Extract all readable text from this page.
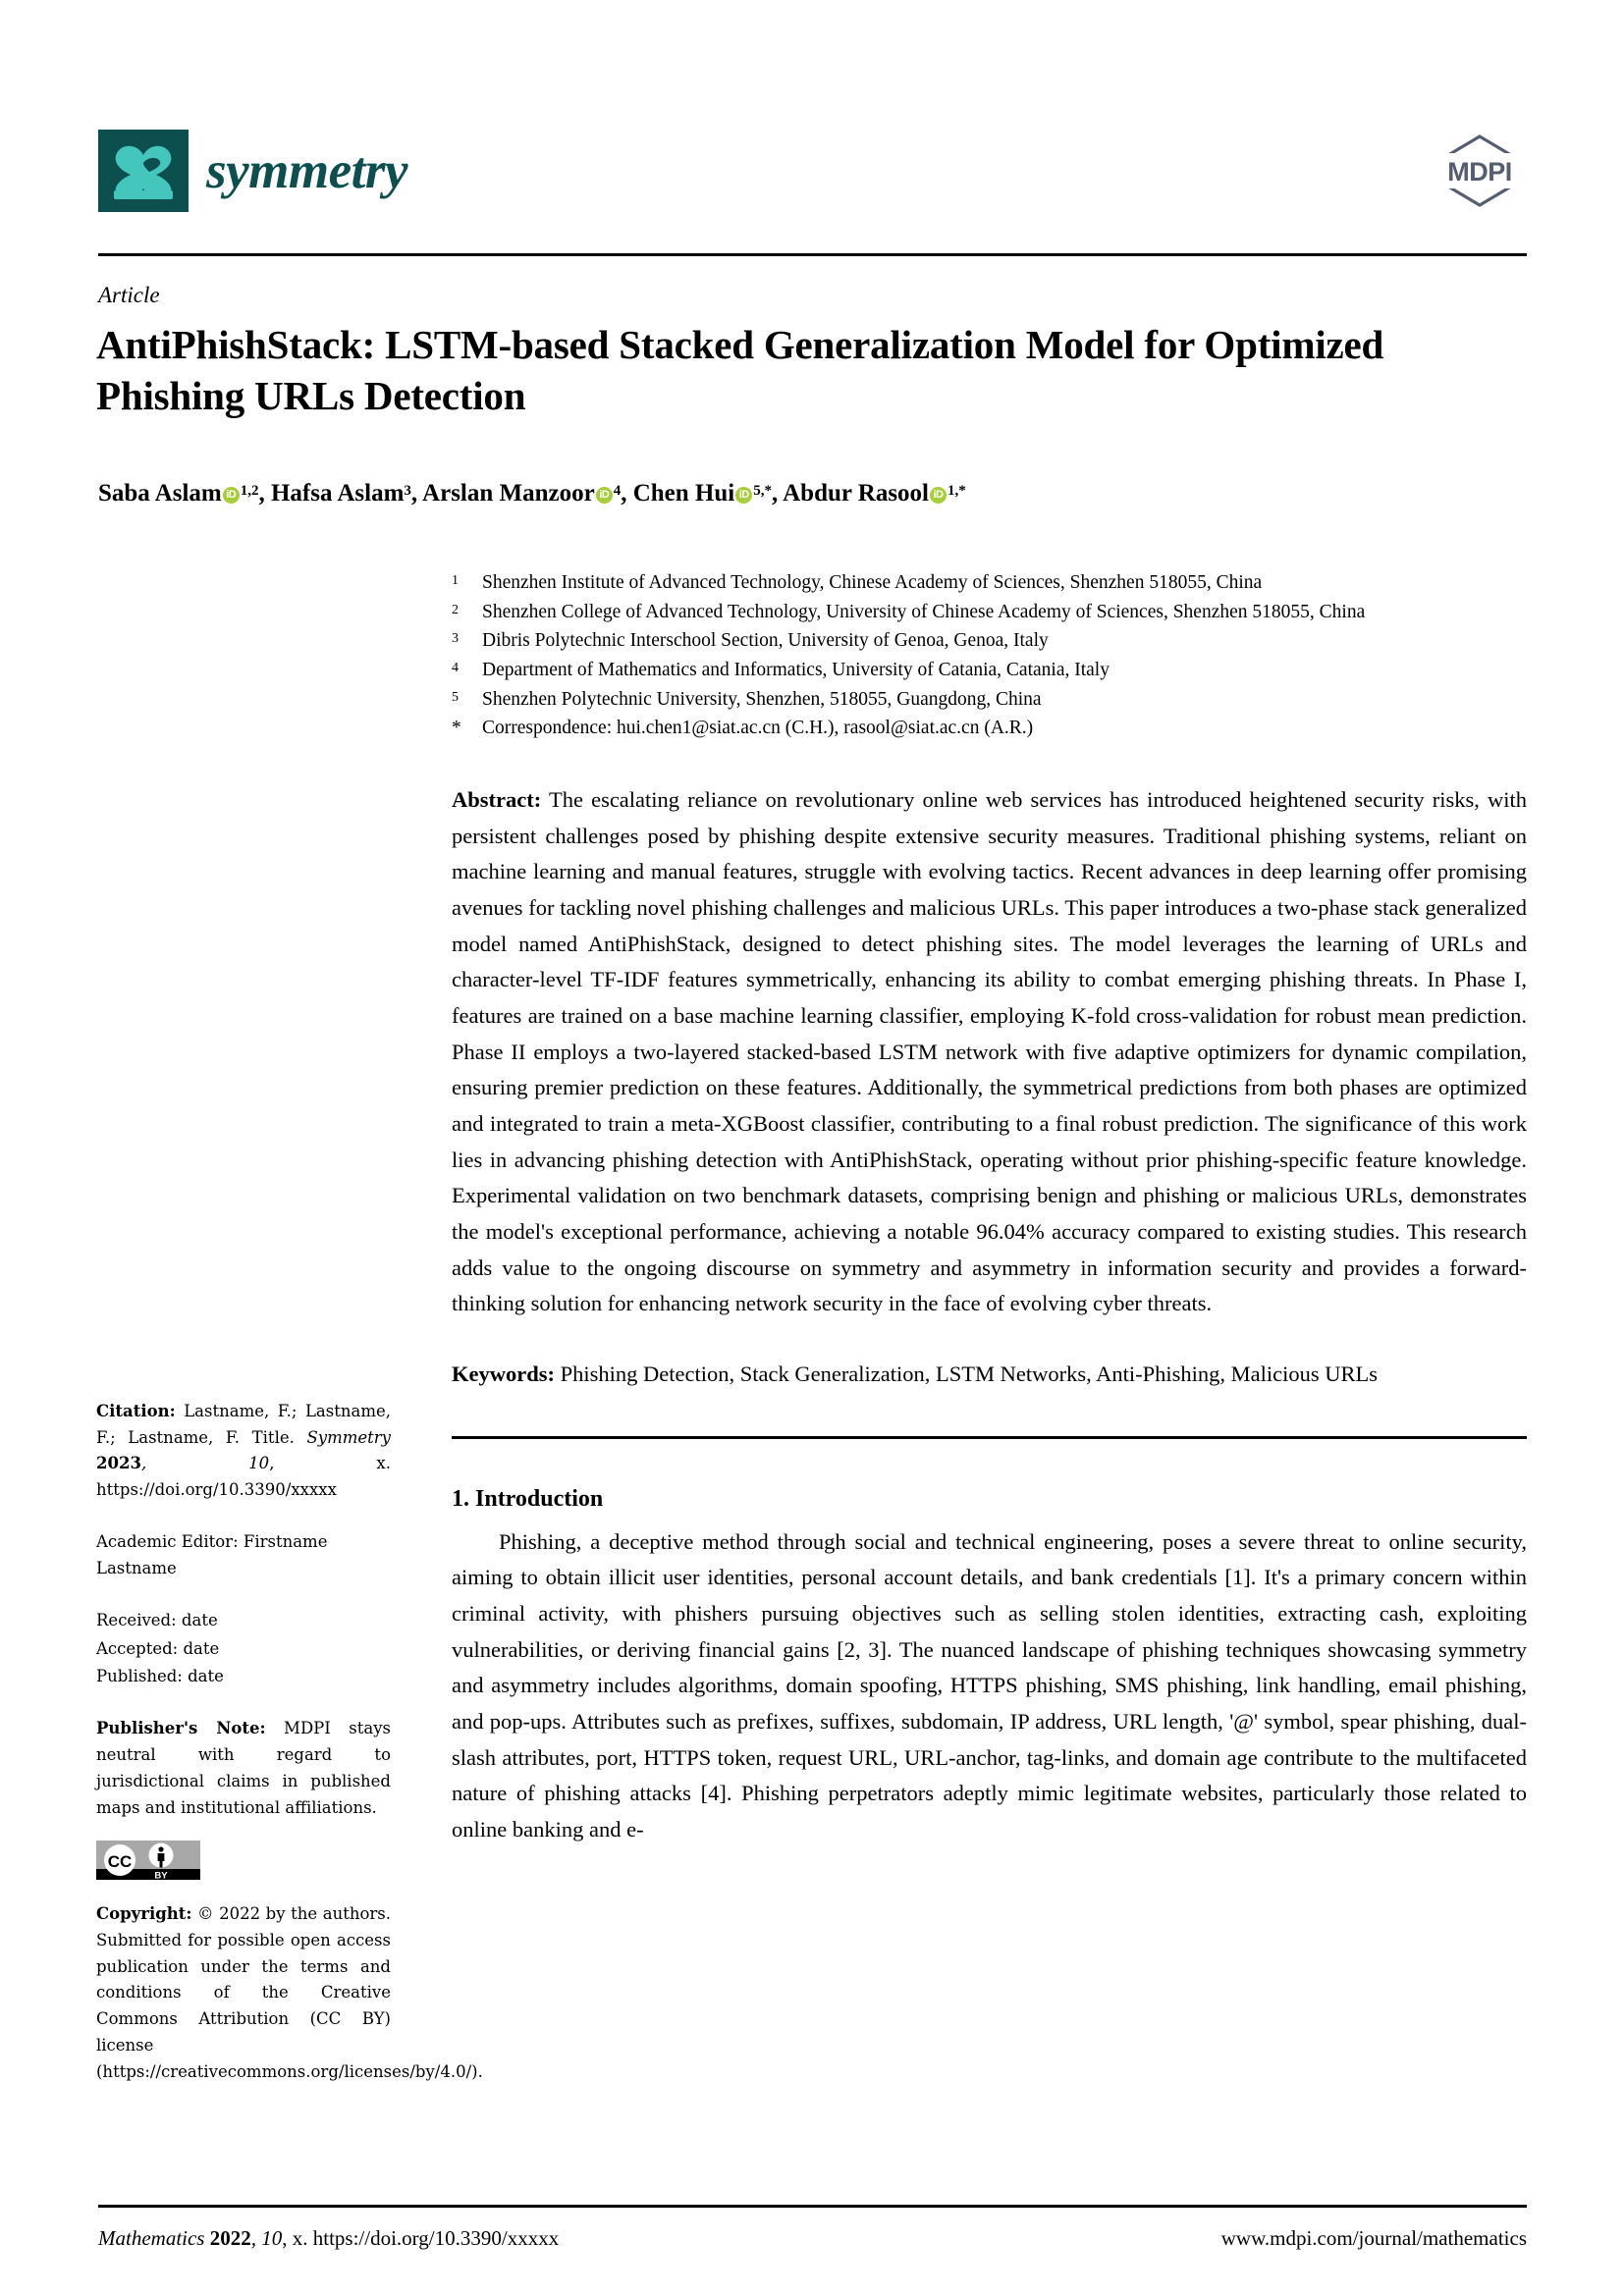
symmetry	MDPI
Article
AntiPhishStack: LSTM-based Stacked Generalization Model for Optimized Phishing URLs Detection
Saba Aslam iD $^{1,2}$, Hafsa Aslam$^3$, Arslan Manzoor iD $^4$, Chen Hui iD $^{5,*}$, Abdur Rasool iD $^{1,*}$
1	Shenzhen Institute of Advanced Technology, Chinese Academy of Sciences, Shenzhen 518055, China
2	Shenzhen College of Advanced Technology, University of Chinese Academy of Sciences, Shenzhen 518055, China
3	Dibris Polytechnic Interschool Section, University of Genoa, Genoa, Italy
4	Department of Mathematics and Informatics, University of Catania, Catania, Italy
5	Shenzhen Polytechnic University, Shenzhen, 518055, Guangdong, China
*	Correspondence: hui.chen1@siat.ac.cn (C.H.), rasool@siat.ac.cn (A.R.)
Abstract: The escalating reliance on revolutionary online web services has introduced heightened security risks, with persistent challenges posed by phishing despite extensive security measures. Traditional phishing systems, reliant on machine learning and manual features, struggle with evolving tactics. Recent advances in deep learning offer promising avenues for tackling novel phishing challenges and malicious URLs. This paper introduces a two-phase stack generalized model named AntiPhishStack, designed to detect phishing sites. The model leverages the learning of URLs and character-level TF-IDF features symmetrically, enhancing its ability to combat emerging phishing threats. In Phase I, features are trained on a base machine learning classifier, employing K-fold cross-validation for robust mean prediction. Phase II employs a two-layered stacked-based LSTM network with five adaptive optimizers for dynamic compilation, ensuring premier prediction on these features. Additionally, the symmetrical predictions from both phases are optimized and integrated to train a meta-XGBoost classifier, contributing to a final robust prediction. The significance of this work lies in advancing phishing detection with AntiPhishStack, operating without prior phishing-specific feature knowledge. Experimental validation on two benchmark datasets, comprising benign and phishing or malicious URLs, demonstrates the model's exceptional performance, achieving a notable 96.04% accuracy compared to existing studies. This research adds value to the ongoing discourse on symmetry and asymmetry in information security and provides a forward-thinking solution for enhancing network security in the face of evolving cyber threats.
Keywords: Phishing Detection, Stack Generalization, LSTM Networks, Anti-Phishing, Malicious URLs
1. Introduction
Phishing, a deceptive method through social and technical engineering, poses a severe threat to online security, aiming to obtain illicit user identities, personal account details, and bank credentials [1]. It's a primary concern within criminal activity, with phishers pursuing objectives such as selling stolen identities, extracting cash, exploiting vulnerabilities, or deriving financial gains [2, 3]. The nuanced landscape of phishing techniques showcasing symmetry and asymmetry includes algorithms, domain spoofing, HTTPS phishing, SMS phishing, link handling, email phishing, and pop-ups. Attributes such as prefixes, suffixes, subdomain, IP address, URL length, '@' symbol, spear phishing, dual-slash attributes, port, HTTPS token, request URL, URL-anchor, tag-links, and domain age contribute to the multifaceted nature of phishing attacks [4]. Phishing perpetrators adeptly mimic legitimate websites, particularly those related to online banking and e-
Citation: Lastname, F.; Lastname, F.; Lastname, F. Title. Symmetry 2023, 10, x. https://doi.org/10.3390/xxxxx
Academic Editor: Firstname Lastname
Received: date
Accepted: date
Published: date
Publisher's Note: MDPI stays neutral with regard to jurisdictional claims in published maps and institutional affiliations.
CC
BY
Copyright: © 2022 by the authors. Submitted for possible open access publication under the terms and conditions of the Creative Commons Attribution (CC BY) license (https://creativecommons.org/licenses/by/4.0/).
Mathematics 2022, 10, x. https://doi.org/10.3390/xxxxx	www.mdpi.com/journal/mathematics
